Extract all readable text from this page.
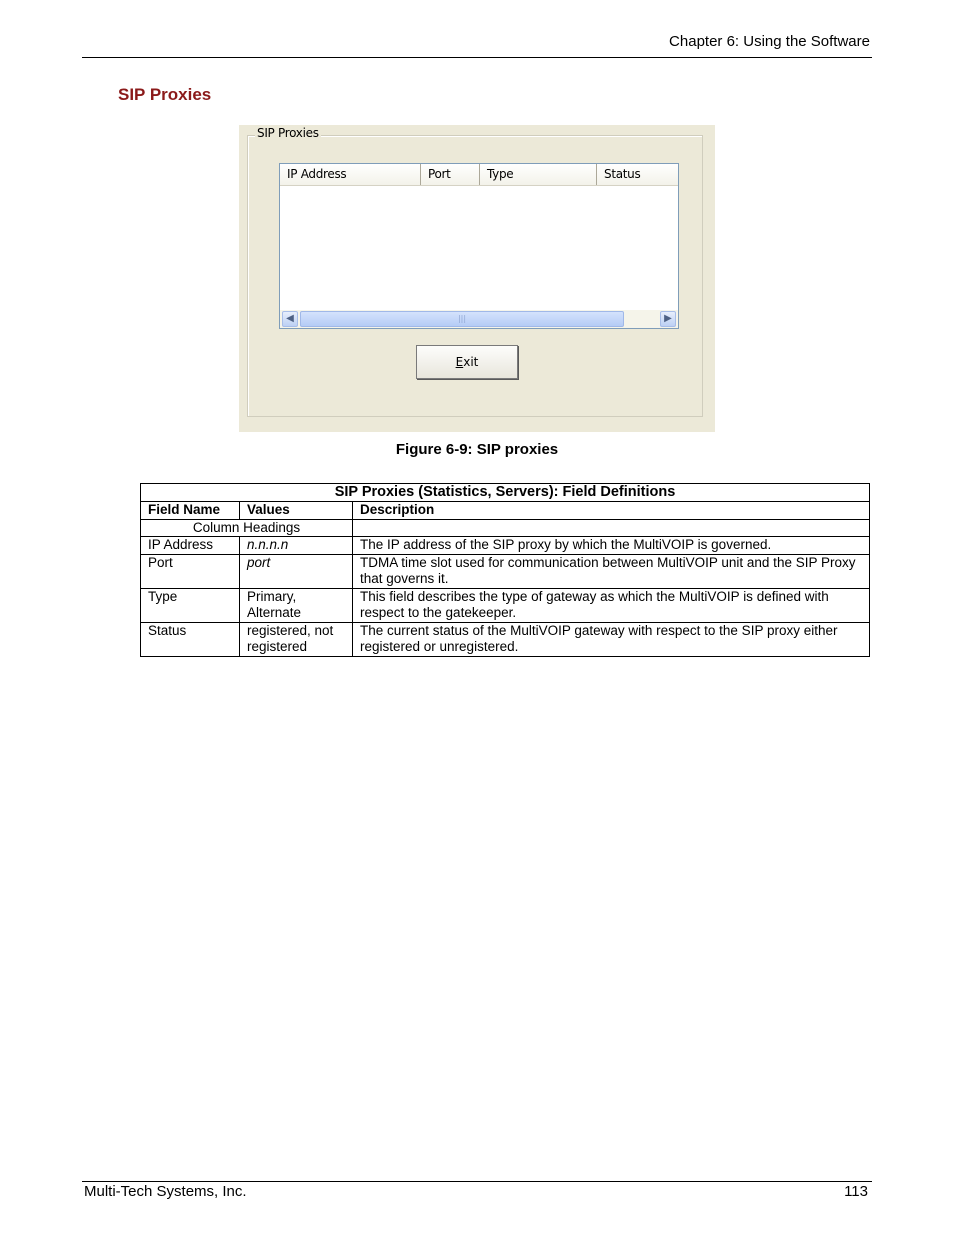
Chapter 6: Using the Software
SIP Proxies
SIP Proxies
IP Address	Port	Type	Status
◀	|||	▶
Exit
Figure 6-9: SIP proxies
SIP Proxies (Statistics, Servers): Field Definitions		
Field Name	Values	Description
Column Headings		
IP Address	n.n.n.n	The IP address of the SIP proxy by which the MultiVOIP is governed.
Port	port	TDMA time slot used for communication between MultiVOIP unit and the SIP Proxy that governs it.
Type	Primary, Alternate	This field describes the type of gateway as which the MultiVOIP is defined with respect to the gatekeeper.
Status	registered, not registered	The current status of the MultiVOIP gateway with respect to the SIP proxy either registered or unregistered.
Multi-Tech Systems, Inc.	113
